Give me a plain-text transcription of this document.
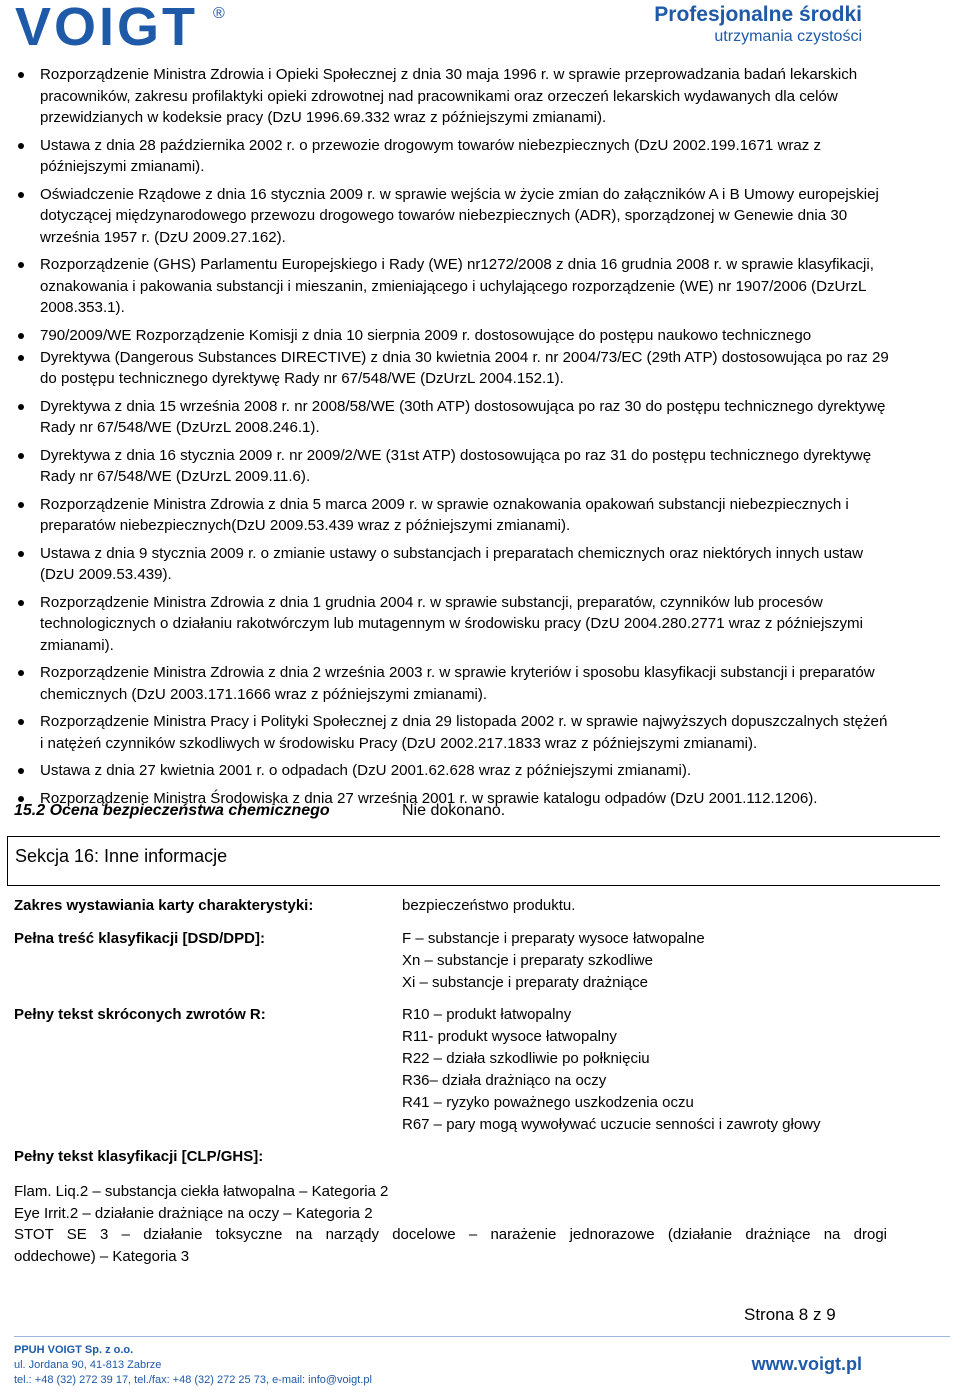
VOIGT ®	Profesjonalne środki
utrzymania czystości
Rozporządzenie Ministra Zdrowia i Opieki Społecznej z dnia 30 maja 1996 r. w sprawie przeprowadzania badań lekarskich pracowników, zakresu profilaktyki opieki zdrowotnej nad pracownikami oraz orzeczeń lekarskich wydawanych dla celów przewidzianych w kodeksie pracy (DzU 1996.69.332 wraz z późniejszymi zmianami).
Ustawa z dnia 28 października 2002 r. o przewozie drogowym towarów niebezpiecznych (DzU 2002.199.1671 wraz z późniejszymi zmianami).
Oświadczenie Rządowe z dnia 16 stycznia 2009 r. w sprawie wejścia w życie zmian do załączników A i B Umowy europejskiej dotyczącej międzynarodowego przewozu drogowego towarów niebezpiecznych (ADR), sporządzonej w Genewie dnia 30 września 1957 r. (DzU 2009.27.162).
Rozporządzenie (GHS) Parlamentu Europejskiego i Rady (WE) nr1272/2008 z dnia 16 grudnia 2008 r. w sprawie klasyfikacji, oznakowania i pakowania substancji i mieszanin, zmieniającego i uchylającego rozporządzenie (WE) nr 1907/2006 (DzUrzL 2008.353.1).
790/2009/WE Rozporządzenie Komisji z dnia 10 sierpnia 2009 r. dostosowujące do postępu naukowo technicznego
Dyrektywa (Dangerous Substances DIRECTIVE) z dnia 30 kwietnia 2004 r. nr 2004/73/EC (29th ATP) dostosowująca po raz 29 do postępu technicznego dyrektywę Rady nr 67/548/WE (DzUrzL 2004.152.1).
Dyrektywa z dnia 15 września 2008 r. nr 2008/58/WE (30th ATP) dostosowująca po raz 30 do postępu technicznego dyrektywę Rady nr 67/548/WE (DzUrzL 2008.246.1).
Dyrektywa z dnia 16 stycznia 2009 r. nr 2009/2/WE (31st ATP) dostosowująca po raz 31 do postępu technicznego dyrektywę Rady nr 67/548/WE (DzUrzL 2009.11.6).
Rozporządzenie Ministra Zdrowia z dnia 5 marca 2009 r. w sprawie oznakowania opakowań substancji niebezpiecznych i preparatów niebezpiecznych(DzU 2009.53.439 wraz z późniejszymi zmianami).
Ustawa z dnia 9 stycznia 2009 r. o zmianie ustawy o substancjach i preparatach chemicznych oraz niektórych innych ustaw (DzU 2009.53.439).
Rozporządzenie Ministra Zdrowia z dnia 1 grudnia 2004 r. w sprawie substancji, preparatów, czynników lub procesów technologicznych o działaniu rakotwórczym lub mutagennym w środowisku pracy (DzU 2004.280.2771 wraz z późniejszymi zmianami).
Rozporządzenie Ministra Zdrowia z dnia 2 września 2003 r. w sprawie kryteriów i sposobu klasyfikacji substancji i preparatów chemicznych (DzU 2003.171.1666 wraz z późniejszymi zmianami).
Rozporządzenie Ministra Pracy i Polityki Społecznej z dnia 29 listopada 2002 r. w sprawie najwyższych dopuszczalnych stężeń i natężeń czynników szkodliwych w środowisku Pracy (DzU 2002.217.1833 wraz z późniejszymi zmianami).
Ustawa z dnia 27 kwietnia 2001 r. o odpadach (DzU 2001.62.628 wraz z późniejszymi zmianami).
Rozporządzenie Ministra Środowiska z dnia 27 września 2001 r. w sprawie katalogu odpadów (DzU 2001.112.1206).
15.2 Ocena bezpieczeństwa chemicznego	Nie dokonano.
Sekcja 16: Inne informacje
Zakres wystawiania karty charakterystyki:	bezpieczeństwo produktu.
Pełna treść klasyfikacji [DSD/DPD]:	F – substancje i preparaty wysoce łatwopalne
Xn – substancje i preparaty szkodliwe
Xi – substancje i preparaty drażniące
Pełny tekst skróconych zwrotów R:	R10 – produkt łatwopalny
R11- produkt wysoce łatwopalny
R22 – działa szkodliwie po połknięciu
R36– działa drażniąco na oczy
R41 – ryzyko poważnego uszkodzenia oczu
R67 – pary mogą wywoływać uczucie senności i zawroty głowy
Pełny tekst klasyfikacji [CLP/GHS]:
Flam. Liq.2 – substancja ciekła łatwopalna – Kategoria 2
Eye Irrit.2 – działanie drażniące na oczy – Kategoria 2
STOT SE 3 – działanie toksyczne na narządy docelowe – narażenie jednorazowe (działanie drażniące na drogi
oddechowe) – Kategoria 3
Strona 8 z 9
PPUH VOIGT Sp. z o.o.
ul. Jordana 90, 41-813 Zabrze
tel.: +48 (32) 272 39 17, tel./fax: +48 (32) 272 25 73, e-mail: info@voigt.pl
www.voigt.pl
